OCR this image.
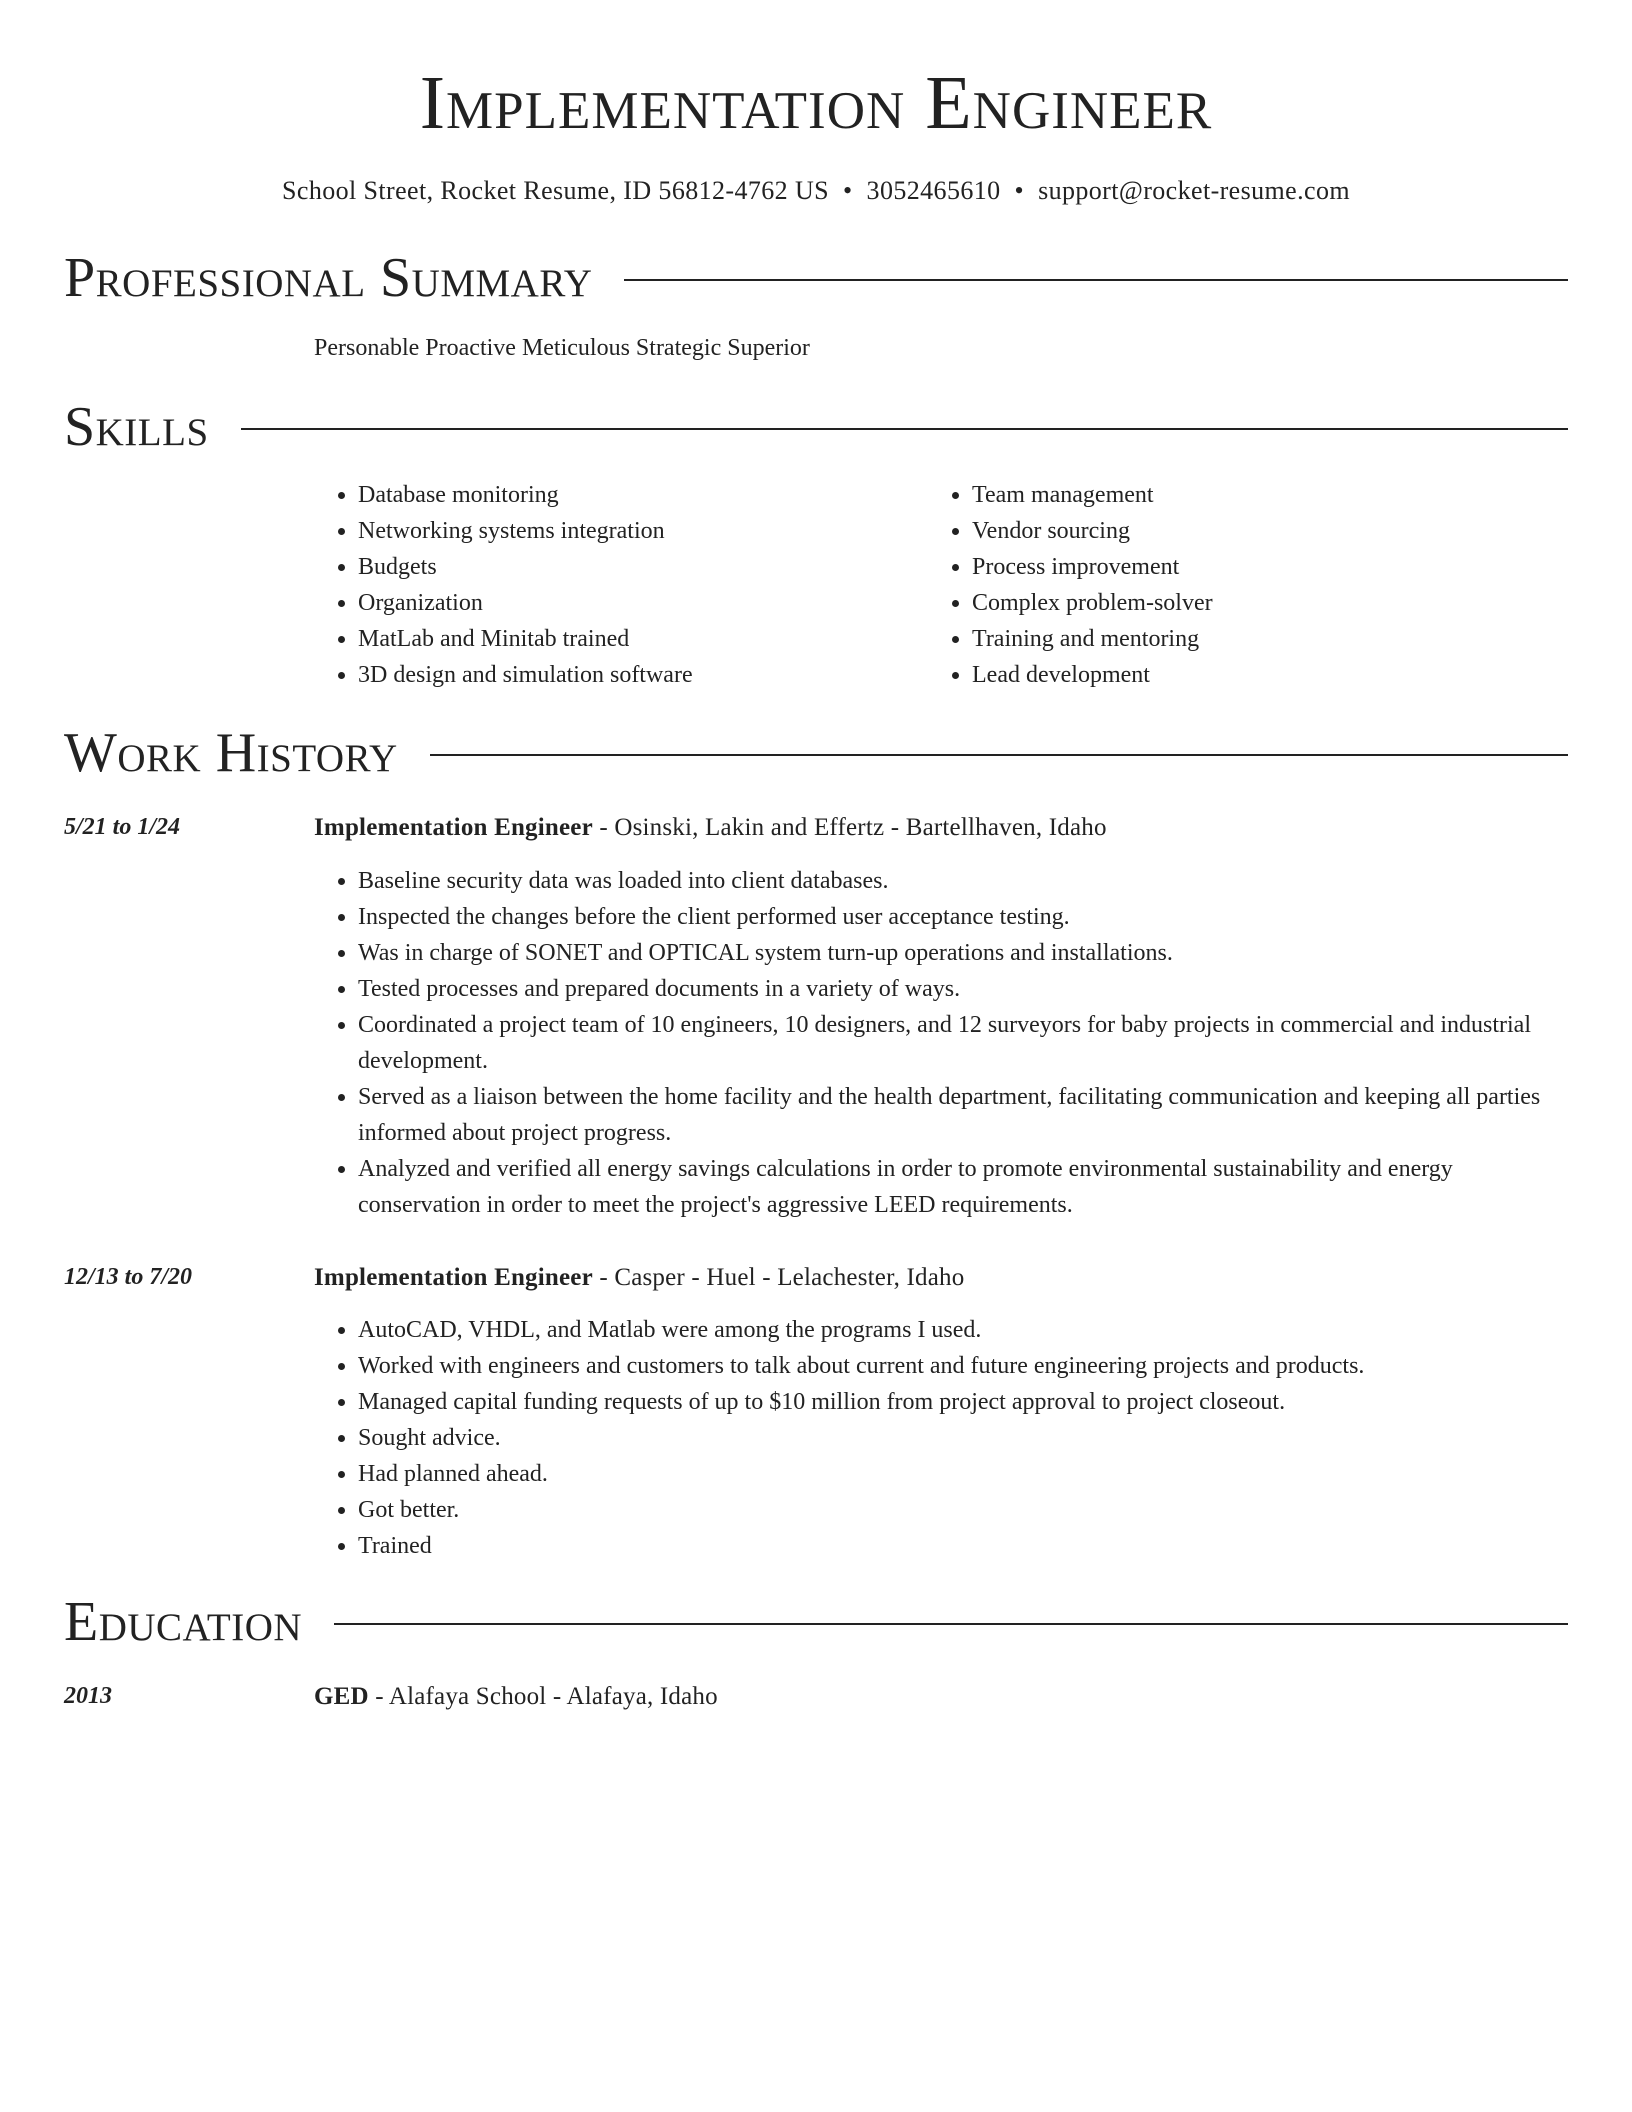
Implementation Engineer
School Street, Rocket Resume, ID 56812-4762 US • 3052465610 • support@rocket-resume.com
Professional Summary
Personable Proactive Meticulous Strategic Superior
Skills
• Database monitoring
• Networking systems integration
• Budgets
• Organization
• MatLab and Minitab trained
• 3D design and simulation software
• Team management
• Vendor sourcing
• Process improvement
• Complex problem-solver
• Training and mentoring
• Lead development
Work History
5/21 to 1/24	Implementation Engineer - Osinski, Lakin and Effertz - Bartellhaven, Idaho
• Baseline security data was loaded into client databases.
• Inspected the changes before the client performed user acceptance testing.
• Was in charge of SONET and OPTICAL system turn-up operations and installations.
• Tested processes and prepared documents in a variety of ways.
• Coordinated a project team of 10 engineers, 10 designers, and 12 surveyors for baby projects in commercial and industrial development.
• Served as a liaison between the home facility and the health department, facilitating communication and keeping all parties informed about project progress.
• Analyzed and verified all energy savings calculations in order to promote environmental sustainability and energy conservation in order to meet the project's aggressive LEED requirements.
12/13 to 7/20	Implementation Engineer - Casper - Huel - Lelachester, Idaho
• AutoCAD, VHDL, and Matlab were among the programs I used.
• Worked with engineers and customers to talk about current and future engineering projects and products.
• Managed capital funding requests of up to $10 million from project approval to project closeout.
• Sought advice.
• Had planned ahead.
• Got better.
• Trained
Education
2013	GED - Alafaya School - Alafaya, Idaho
